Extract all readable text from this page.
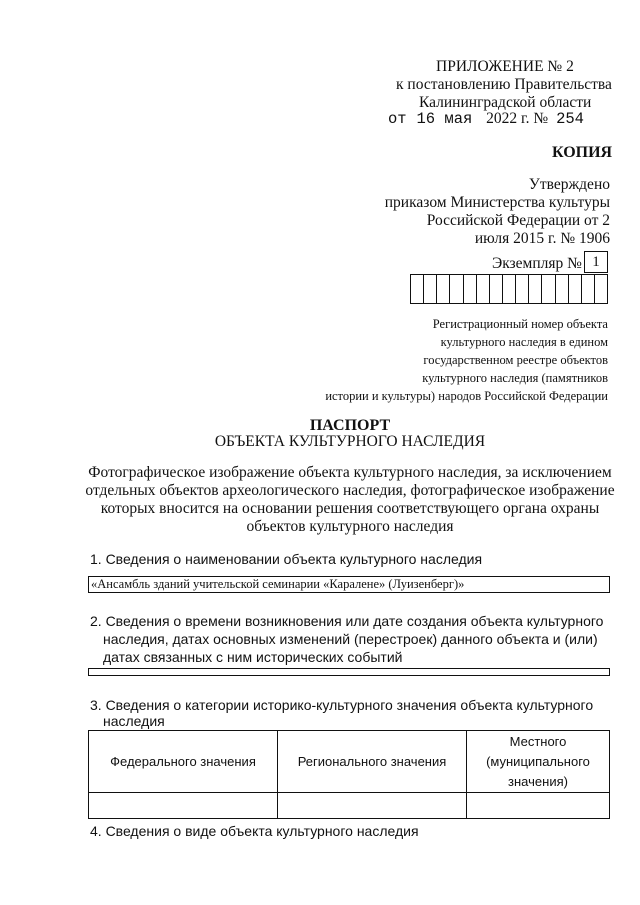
ПРИЛОЖЕНИЕ № 2
к постановлению Правительства
Калининградской области
от 16 мая 2022 г. № 254
КОПИЯ
Утверждено
приказом Министерства культуры
Российской Федерации от 2
июля 2015 г. № 1906
Экземпляр № 1
Регистрационный номер объекта
культурного наследия в едином
государственном реестре объектов
культурного наследия (памятников
истории и культуры) народов Российской Федерации
ПАСПОРТ
ОБЪЕКТА КУЛЬТУРНОГО НАСЛЕДИЯ
Фотографическое изображение объекта культурного наследия, за исключением
отдельных объектов археологического наследия, фотографическое изображение
которых вносится на основании решения соответствующего органа охраны
объектов культурного наследия
1. Сведения о наименовании объекта культурного наследия
«Ансамбль зданий учительской семинарии «Каралене» (Луизенберг)»
2. Сведения о времени возникновения или дате создания объекта культурного
наследия, датах основных изменений (перестроек) данного объекта и (или)
датах связанных с ним исторических событий
3. Сведения о категории историко-культурного значения объекта культурного
наследия
Федерального значения	Регионального значения	Местного
(муниципального
значения)

4. Сведения о виде объекта культурного наследия
